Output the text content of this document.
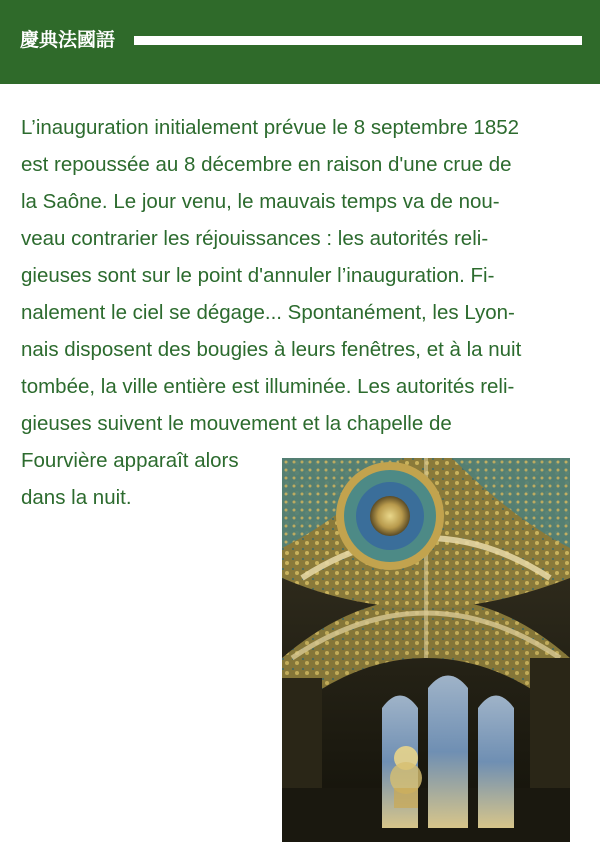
慶典法國語

L’inauguration initialement prévue le 8 septembre 1852

est repoussée au 8 décembre en raison d'une crue de

la Saône. Le jour venu, le mauvais temps va de nou-

veau contrarier les réjouissances : les autorités reli-

gieuses sont sur le point d'annuler l’inauguration. Fi-

nalement le ciel se dégage... Spontanément, les Lyon-

nais disposent des bougies à leurs fenêtres, et à la nuit

tombée, la ville entière est illuminée. Les autorités reli-

gieuses suivent le mouvement et la chapelle de

Fourvière apparaît alors

dans la nuit.
